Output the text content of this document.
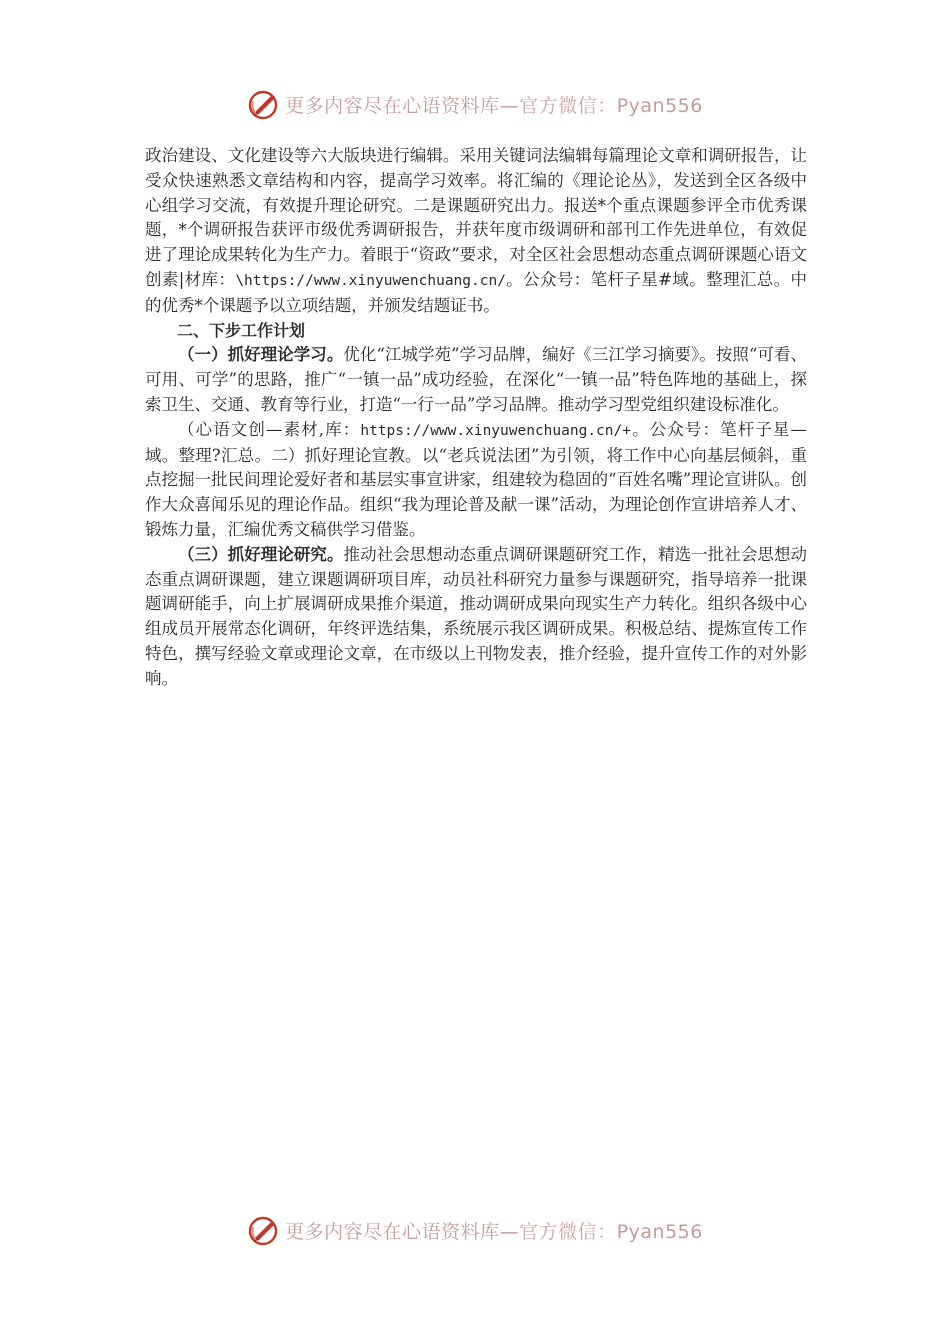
更多内容尽在心语资料库—官方微信：Pyan556

政治建设、文化建设等六大版块进行编辑。采用关键词法编辑每篇理论文章和调研报告，让受众快速熟悉文章结构和内容，提高学习效率。将汇编的《理论论丛》，发送到全区各级中心组学习交流，有效提升理论研究。二是课题研究出力。报送*个重点课题参评全市优秀课题，*个调研报告获评市级优秀调研报告，并获年度市级调研和部刊工作先进单位，有效促进了理论成果转化为生产力。着眼于“资政”要求，对全区社会思想动态重点调研课题心语文创素|材库：\https://www.xinyuwenchuang.cn/。公众号：笔杆子星#域。整理汇总。中的优秀*个课题予以立项结题，并颁发结题证书。

二、下步工作计划

（一）抓好理论学习。优化“江城学苑”学习品牌，编好《三江学习摘要》。按照“可看、可用、可学”的思路，推广“一镇一品”成功经验，在深化“一镇一品”特色阵地的基础上，探索卫生、交通、教育等行业，打造“一行一品”学习品牌。推动学习型党组织建设标准化。

（心语文创—素材,库：https://www.xinyuwenchuang.cn/+。公众号：笔杆子星—域。整理?汇总。二）抓好理论宣教。以“老兵说法团”为引领，将工作中心向基层倾斜，重点挖掘一批民间理论爱好者和基层实事宣讲家，组建较为稳固的“百姓名嘴”理论宣讲队。创作大众喜闻乐见的理论作品。组织“我为理论普及献一课”活动，为理论创作宣讲培养人才、锻炼力量，汇编优秀文稿供学习借鉴。

（三）抓好理论研究。推动社会思想动态重点调研课题研究工作，精选一批社会思想动态重点调研课题，建立课题调研项目库，动员社科研究力量参与课题研究，指导培养一批课题调研能手，向上扩展调研成果推介渠道，推动调研成果向现实生产力转化。组织各级中心组成员开展常态化调研，年终评选结集，系统展示我区调研成果。积极总结、提炼宣传工作特色，撰写经验文章或理论文章，在市级以上刊物发表，推介经验，提升宣传工作的对外影响。

更多内容尽在心语资料库—官方微信：Pyan556
